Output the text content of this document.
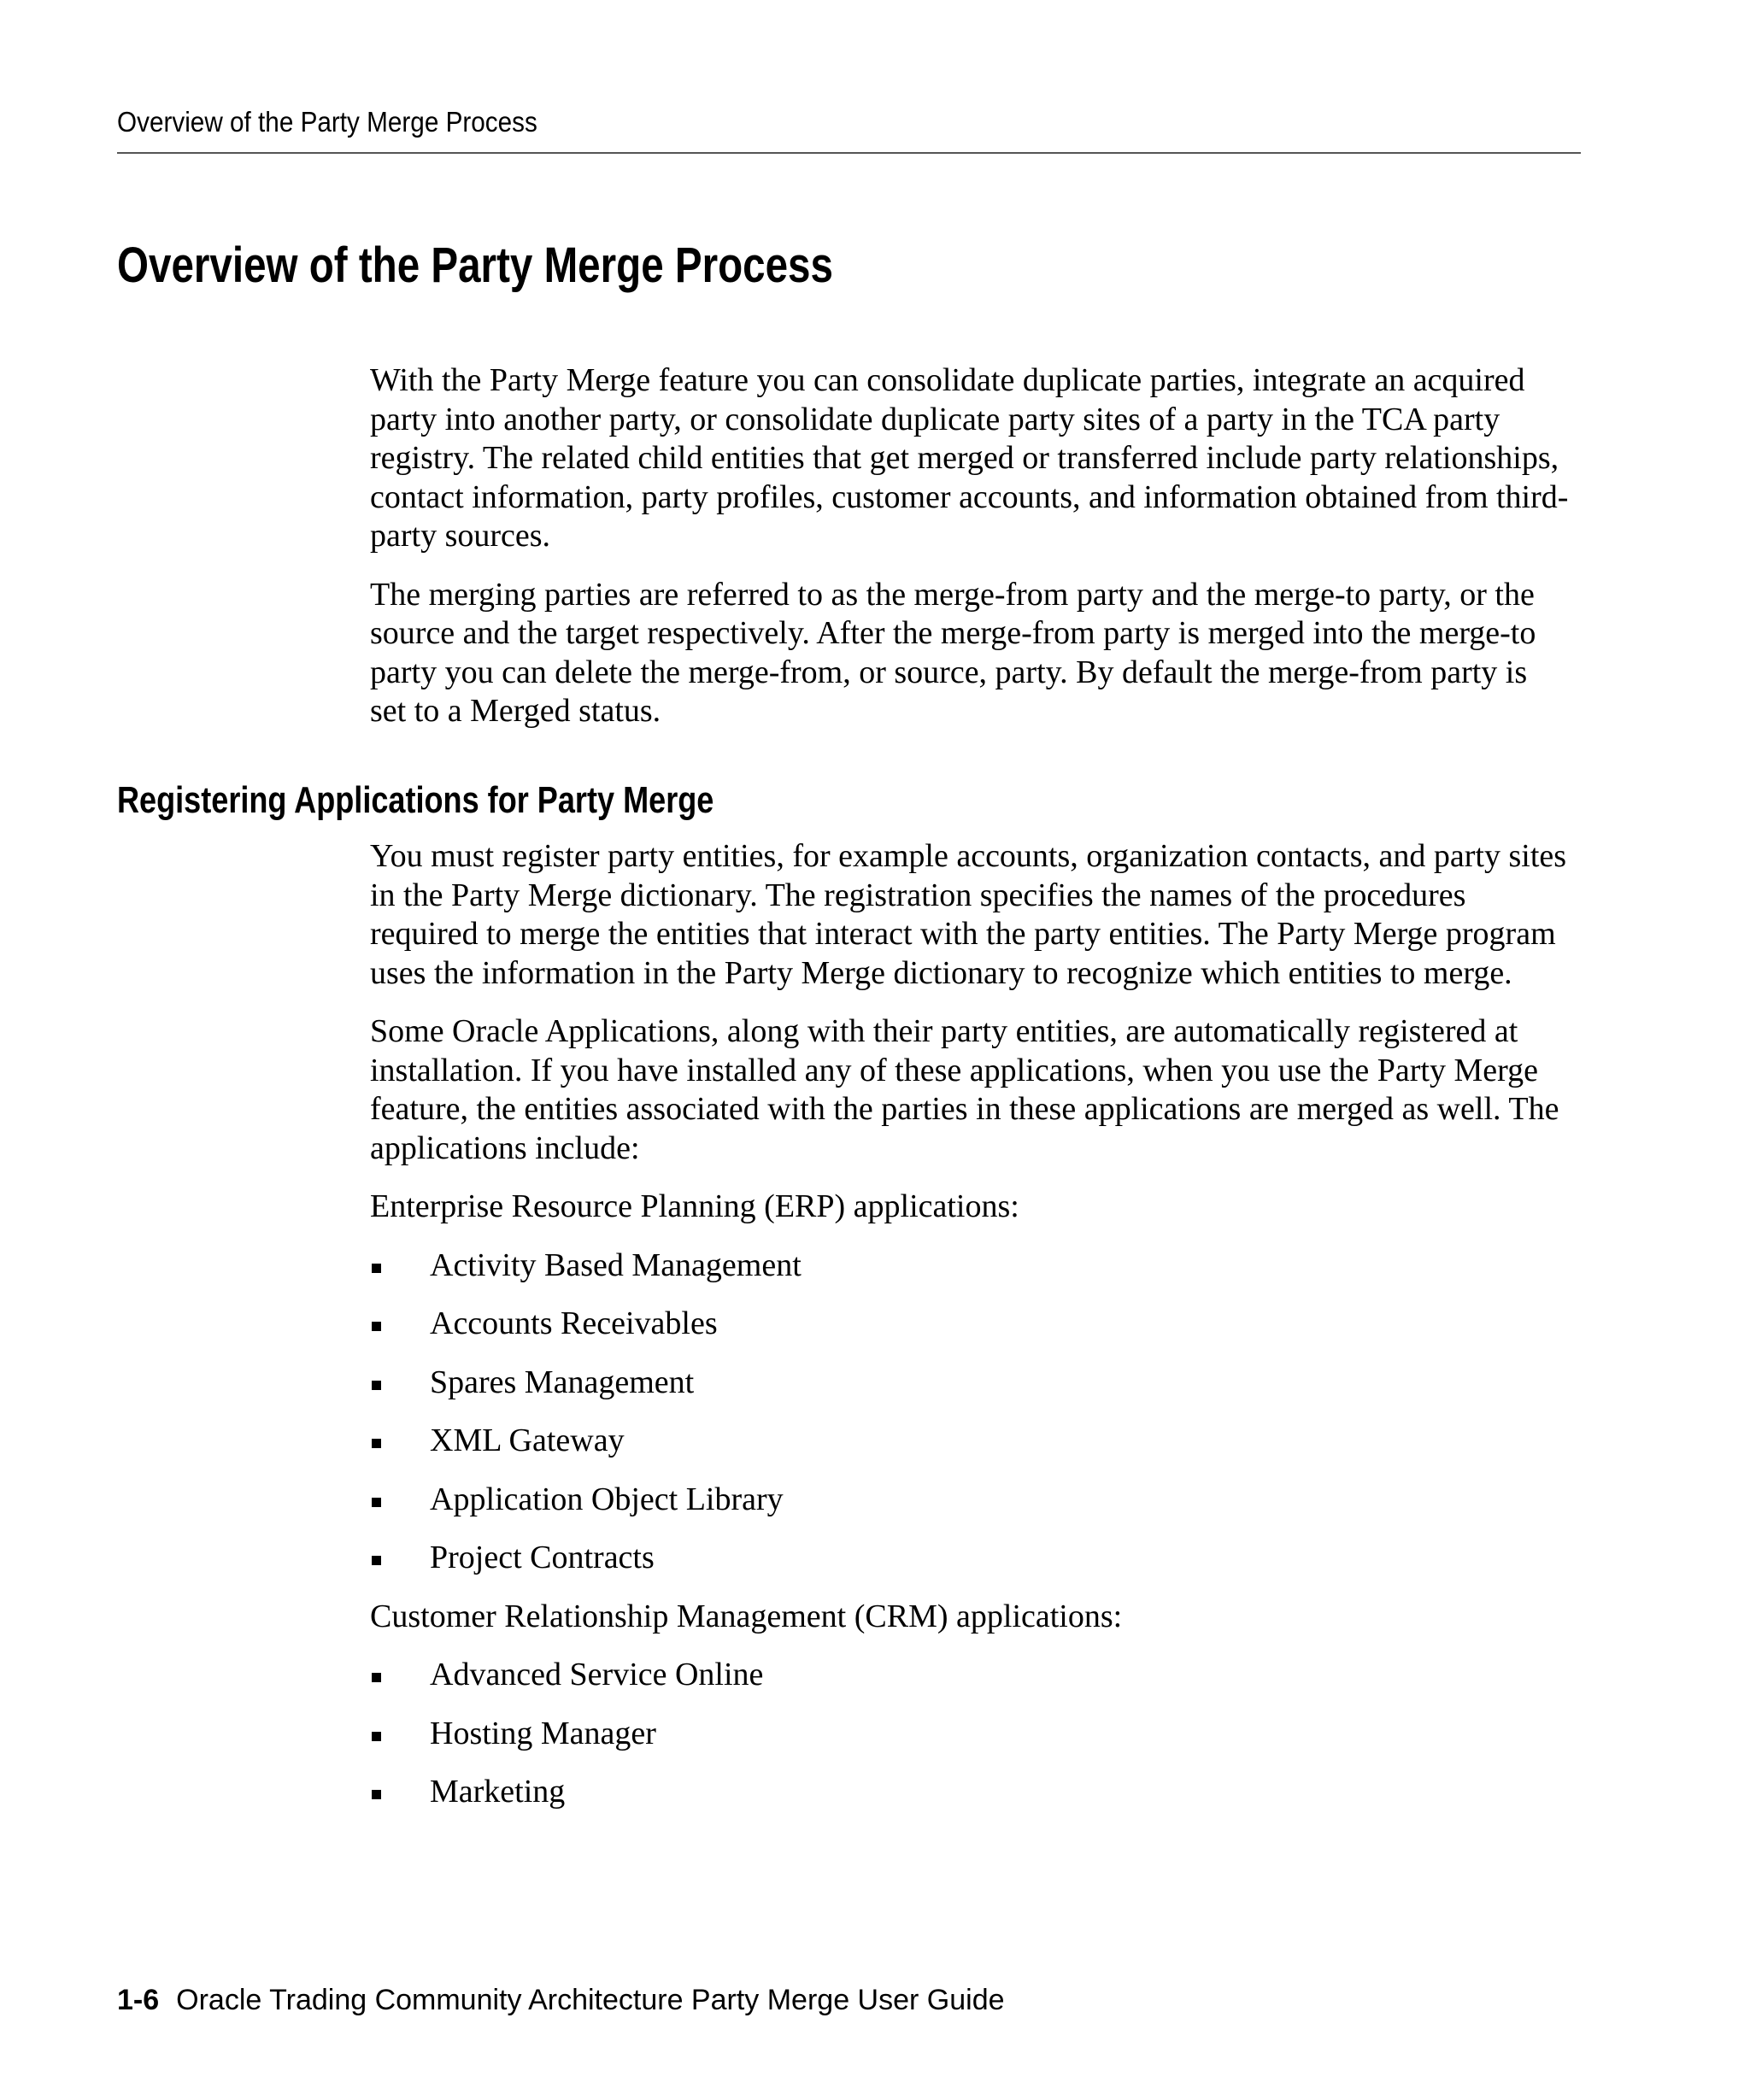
Overview of the Party Merge Process
Overview of the Party Merge Process

With the Party Merge feature you can consolidate duplicate parties, integrate an acquired party into another party, or consolidate duplicate party sites of a party in the TCA party registry. The related child entities that get merged or transferred include party relationships, contact information, party profiles, customer accounts, and information obtained from third-party sources.

The merging parties are referred to as the merge-from party and the merge-to party, or the source and the target respectively. After the merge-from party is merged into the merge-to party you can delete the merge-from, or source, party. By default the merge-from party is set to a Merged status.

Registering Applications for Party Merge

You must register party entities, for example accounts, organization contacts, and party sites in the Party Merge dictionary. The registration specifies the names of the procedures required to merge the entities that interact with the party entities. The Party Merge program uses the information in the Party Merge dictionary to recognize which entities to merge.

Some Oracle Applications, along with their party entities, are automatically registered at installation. If you have installed any of these applications, when you use the Party Merge feature, the entities associated with the parties in these applications are merged as well. The applications include:

Enterprise Resource Planning (ERP) applications:

Activity Based Management
Accounts Receivables
Spares Management
XML Gateway
Application Object Library
Project Contracts

Customer Relationship Management (CRM) applications:

Advanced Service Online
Hosting Manager
Marketing
1-6 Oracle Trading Community Architecture Party Merge User Guide
